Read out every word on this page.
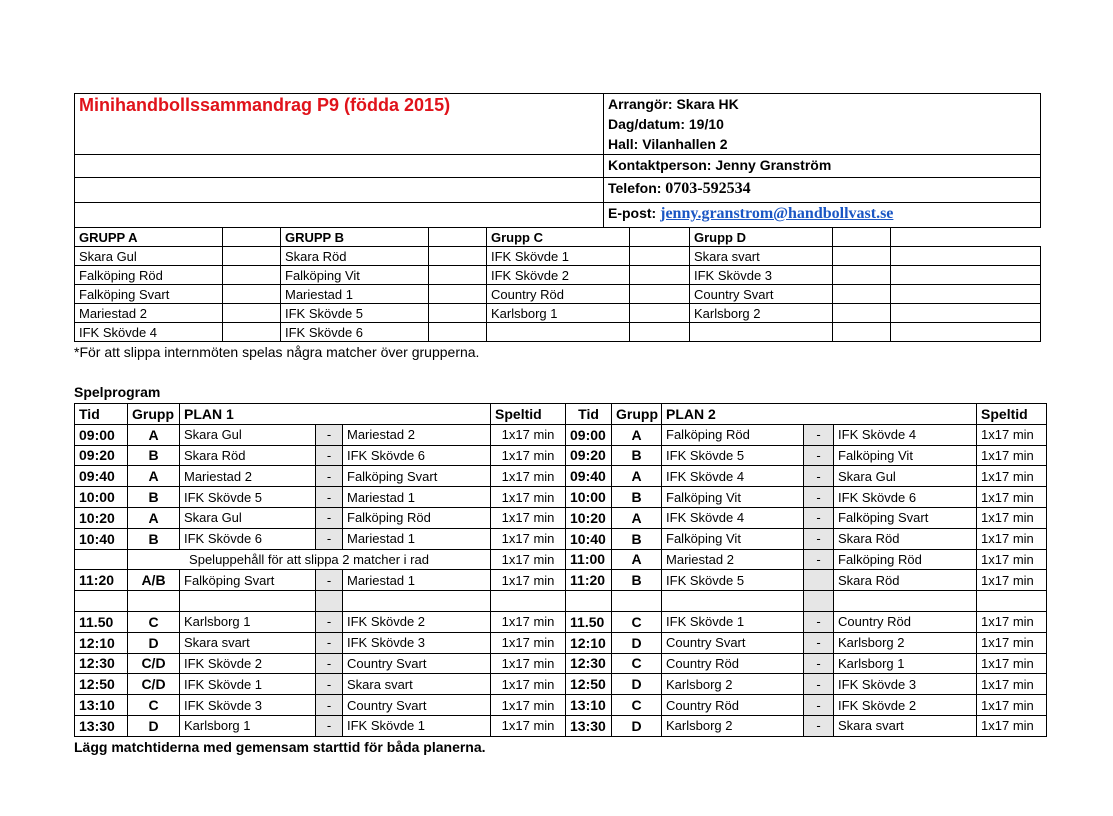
Minihandbollssammandrag P9 (födda 2015)	Arrangör: Skara HK
Dag/datum: 19/10
Hall: Vilanhallen 2

	Kontaktperson: Jenny Granström
	Telefon: 0703-592534
	E-post: jenny.granstrom@handbollvast.se
GRUPP A		GRUPP B		Grupp C		Grupp D		
Skara Gul		Skara Röd		IFK Skövde 1		Skara svart		
Falköping Röd		Falköping Vit		IFK Skövde 2		IFK Skövde 3		
Falköping Svart		Mariestad 1		Country Röd		Country Svart		
Mariestad 2		IFK Skövde 5		Karlsborg 1		Karlsborg 2		
IFK Skövde 4		IFK Skövde 6						
*För att slippa internmöten spelas några matcher över grupperna.
Spelprogram
Tid	Grupp	PLAN 1			Speltid	Tid	Grupp	PLAN 2			Speltid
09:00	A	Skara Gul	-	Mariestad 2	1x17 min	09:00	A	Falköping Röd	-	IFK Skövde 4	1x17 min
09:20	B	Skara Röd	-	IFK Skövde 6	1x17 min	09:20	B	IFK Skövde 5	-	Falköping Vit	1x17 min
09:40	A	Mariestad 2	-	Falköping Svart	1x17 min	09:40	A	IFK Skövde 4	-	Skara Gul	1x17 min
10:00	B	IFK Skövde 5	-	Mariestad 1	1x17 min	10:00	B	Falköping Vit	-	IFK Skövde 6	1x17 min
10:20	A	Skara Gul	-	Falköping Röd	1x17 min	10:20	A	IFK Skövde 4	-	Falköping Svart	1x17 min
10:40	B	IFK Skövde 6	-	Mariestad 1	1x17 min	10:40	B	Falköping Vit	-	Skara Röd	1x17 min
	Speluppehåll för att slippa 2 matcher i rad				1x17 min	11:00	A	Mariestad 2	-	Falköping Röd	1x17 min
11:20	A/B	Falköping Svart	-	Mariestad 1	1x17 min	11:20	B	IFK Skövde 5		Skara Röd	1x17 min

11.50	C	Karlsborg 1	-	IFK Skövde 2	1x17 min	11.50	C	IFK Skövde 1	-	Country Röd	1x17 min
12:10	D	Skara svart	-	IFK Skövde 3	1x17 min	12:10	D	Country Svart	-	Karlsborg 2	1x17 min
12:30	C/D	IFK Skövde 2	-	Country Svart	1x17 min	12:30	C	Country Röd	-	Karlsborg 1	1x17 min
12:50	C/D	IFK Skövde 1	-	Skara svart	1x17 min	12:50	D	Karlsborg 2	-	IFK Skövde 3	1x17 min
13:10	C	IFK Skövde 3	-	Country Svart	1x17 min	13:10	C	Country Röd	-	IFK Skövde 2	1x17 min
13:30	D	Karlsborg 1	-	IFK Skövde 1	1x17 min	13:30	D	Karlsborg 2	-	Skara svart	1x17 min
Lägg matchtiderna med gemensam starttid för båda planerna.
